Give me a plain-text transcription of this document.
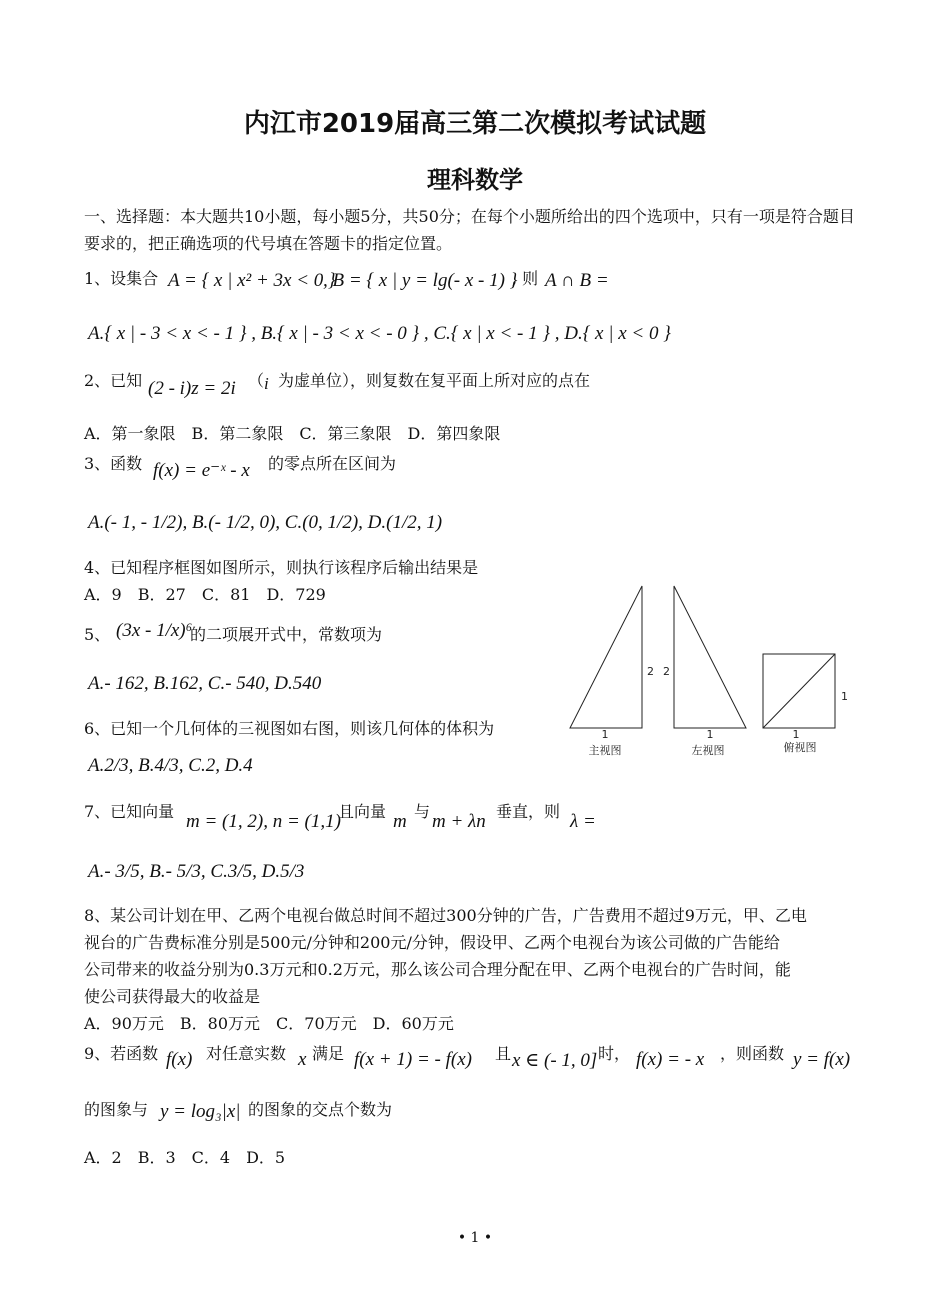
内江市2019届高三第二次模拟考试试题
理科数学
一、选择题：本大题共10小题，每小题5分，共50分；在每个小题所给出的四个选项中，只有一项是符合题目要求的，把正确选项的代号填在答题卡的指定位置。
1、设集合 A = { x | x² + 3x < 0 }
, B = { x | y = lg(- x - 1) }
, 则 A ∩ B =
A.{ x | - 3 < x < - 1 } , B.{ x | - 3 < x < - 0 } , C.{ x | x < - 1 } , D.{ x | x < 0 }
2、已知 (2 - i)z = 2i （ i 为虚单位），则复数在复平面上所对应的点在
A．第一象限　B．第二象限　C．第三象限　D．第四象限
3、函数 f(x) = e⁻ˣ - x 的零点所在区间为
A.(- 1, - 1/2), B.(- 1/2, 0), C.(0, 1/2), D.(1/2, 1)
4、已知程序框图如图所示，则执行该程序后输出结果是
A．9　B．27　C．81　D．729
5、 (3x - 1/x)⁶
的二项展开式中，常数项为
A.- 162, B.162, C.- 540, D.540
6、已知一个几何体的三视图如右图，则该几何体的体积为
A.2/3, B.4/3, C.2, D.4
7、已知向量 m = (1, 2), n = (1,1)
且向量 m 与 m + λn 垂直，则 λ =
A.- 3/5, B.- 5/3, C.3/5, D.5/3
8、某公司计划在甲、乙两个电视台做总时间不超过300分钟的广告，广告费用不超过9万元，甲、乙电
视台的广告费标准分别是500元/分钟和200元/分钟，假设甲、乙两个电视台为该公司做的广告能给
公司带来的收益分别为0.3万元和0.2万元，那么该公司合理分配在甲、乙两个电视台的广告时间，能
使公司获得最大的收益是
A．90万元　B．80万元　C．70万元　D．60万元
9、若函数 f(x) 对任意实数 x 满足 f(x + 1) = - f(x) 且 x ∈ (- 1, 0] 时， f(x) = - x ，则函数 y = f(x)
的图象与 y = log₃|x| 的图象的交点个数为
A．2　B．3　C．4　D．5
1
2 2
1	1
1
主视图	左视图	俯视图
• 1 •
